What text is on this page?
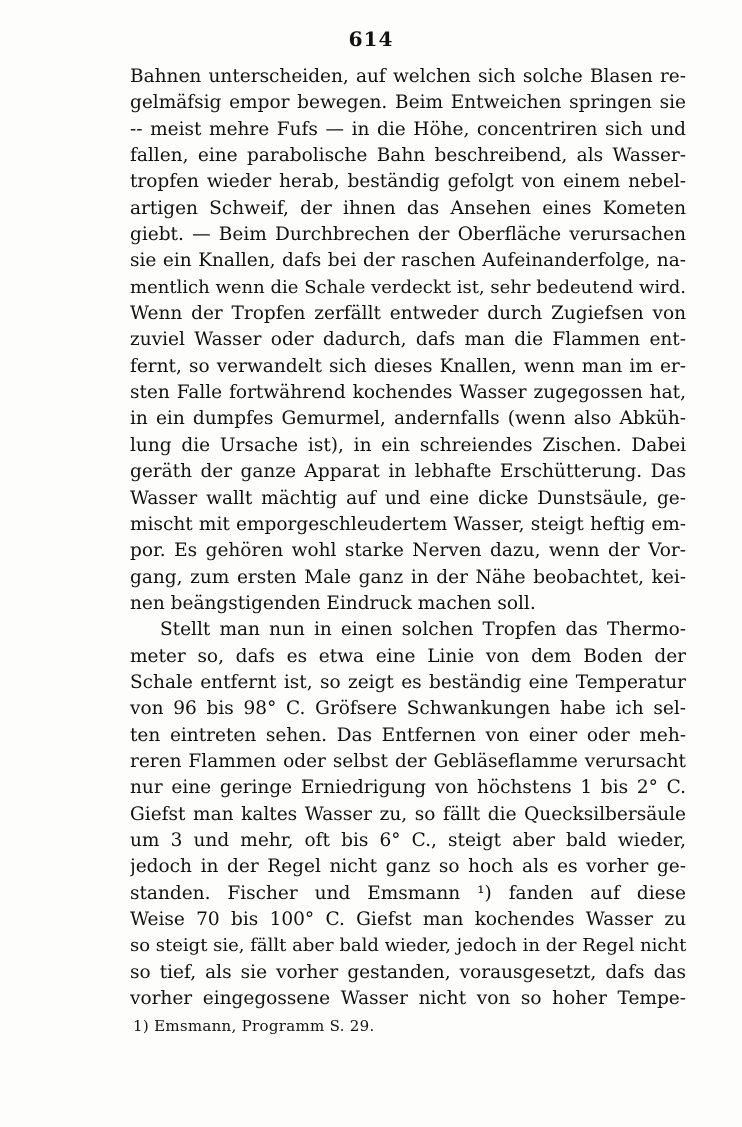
614
Bahnen unterscheiden, auf welchen sich solche Blasen re-
gelmäfsig empor bewegen. Beim Entweichen springen sie
-- meist mehre Fufs — in die Höhe, concentriren sich und
fallen, eine parabolische Bahn beschreibend, als Wasser-
tropfen wieder herab, beständig gefolgt von einem nebel-
artigen Schweif, der ihnen das Ansehen eines Kometen
giebt. — Beim Durchbrechen der Oberfläche verursachen
sie ein Knallen, dafs bei der raschen Aufeinanderfolge, na-
mentlich wenn die Schale verdeckt ist, sehr bedeutend wird.
Wenn der Tropfen zerfällt entweder durch Zugiefsen von
zuviel Wasser oder dadurch, dafs man die Flammen ent-
fernt, so verwandelt sich dieses Knallen, wenn man im er-
sten Falle fortwährend kochendes Wasser zugegossen hat,
in ein dumpfes Gemurmel, andernfalls (wenn also Abküh-
lung die Ursache ist), in ein schreiendes Zischen. Dabei
geräth der ganze Apparat in lebhafte Erschütterung. Das
Wasser wallt mächtig auf und eine dicke Dunstsäule, ge-
mischt mit emporgeschleudertem Wasser, steigt heftig em-
por. Es gehören wohl starke Nerven dazu, wenn der Vor-
gang, zum ersten Male ganz in der Nähe beobachtet, kei-
nen beängstigenden Eindruck machen soll.
Stellt man nun in einen solchen Tropfen das Thermo-
meter so, dafs es etwa eine Linie von dem Boden der
Schale entfernt ist, so zeigt es beständig eine Temperatur
von 96 bis 98° C. Gröfsere Schwankungen habe ich sel-
ten eintreten sehen. Das Entfernen von einer oder meh-
reren Flammen oder selbst der Gebläseflamme verursacht
nur eine geringe Erniedrigung von höchstens 1 bis 2° C.
Giefst man kaltes Wasser zu, so fällt die Quecksilbersäule
um 3 und mehr, oft bis 6° C., steigt aber bald wieder,
jedoch in der Regel nicht ganz so hoch als es vorher ge-
standen. Fischer und Emsmann ¹) fanden auf diese
Weise 70 bis 100° C. Giefst man kochendes Wasser zu
so steigt sie, fällt aber bald wieder, jedoch in der Regel nicht
so tief, als sie vorher gestanden, vorausgesetzt, dafs das
vorher eingegossene Wasser nicht von so hoher Tempe-
1) Emsmann, Programm S. 29.
